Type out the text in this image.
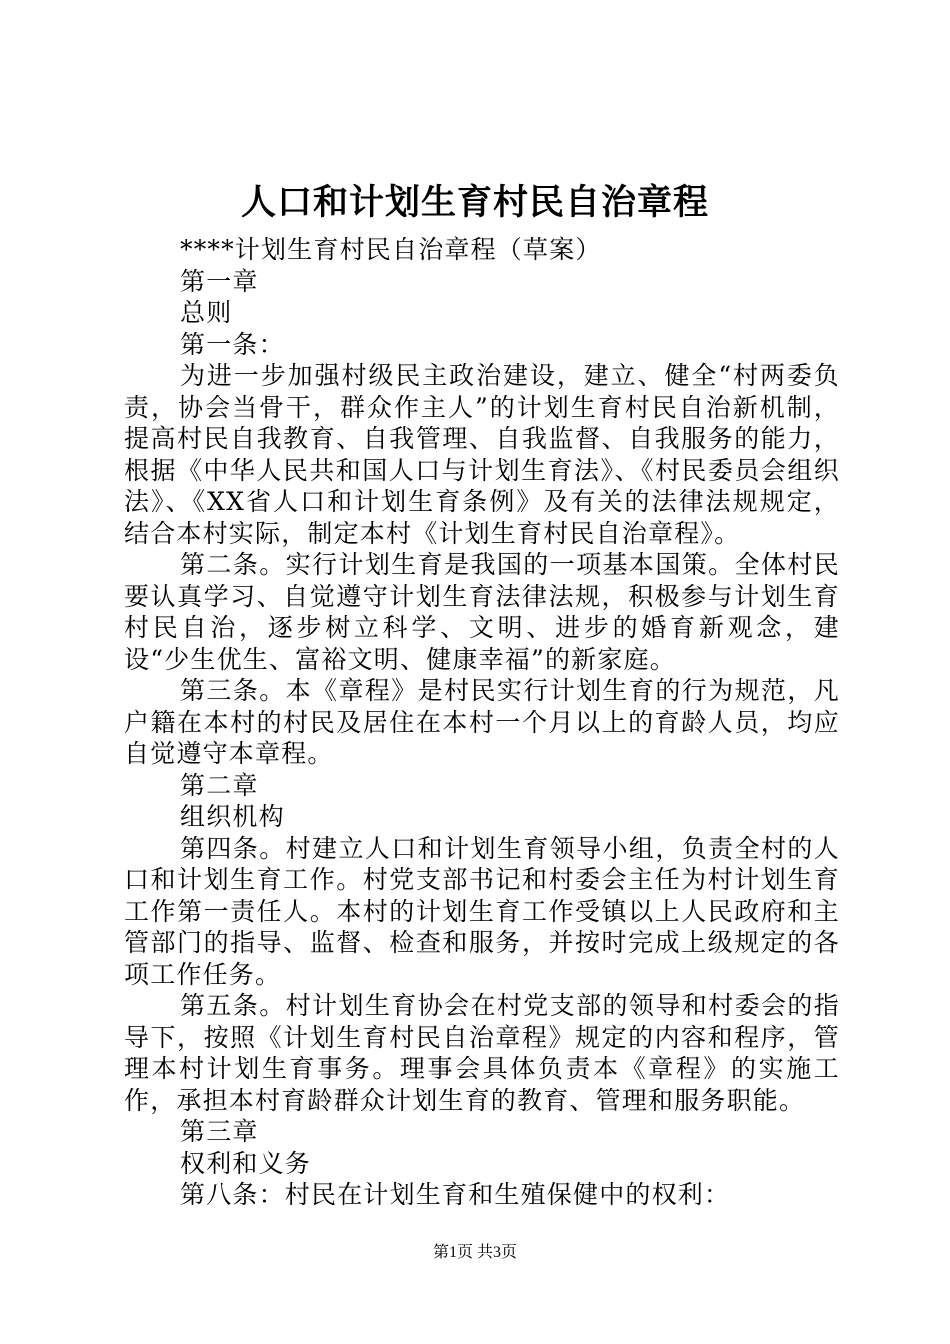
人口和计划生育村民自治章程

****计划生育村民自治章程（草案）

第一章

总则

第一条：

为进一步加强村级民主政治建设，建立、健全“村两委负责，协会当骨干，群众作主人”的计划生育村民自治新机制，提高村民自我教育、自我管理、自我监督、自我服务的能力，根据《中华人民共和国人口与计划生育法》、《村民委员会组织法》、《XX省人口和计划生育条例》及有关的法律法规规定，结合本村实际，制定本村《计划生育村民自治章程》。

第二条。实行计划生育是我国的一项基本国策。全体村民要认真学习、自觉遵守计划生育法律法规，积极参与计划生育村民自治，逐步树立科学、文明、进步的婚育新观念，建设“少生优生、富裕文明、健康幸福”的新家庭。

第三条。本《章程》是村民实行计划生育的行为规范，凡户籍在本村的村民及居住在本村一个月以上的育龄人员，均应自觉遵守本章程。

第二章

组织机构

第四条。村建立人口和计划生育领导小组，负责全村的人口和计划生育工作。村党支部书记和村委会主任为村计划生育工作第一责任人。本村的计划生育工作受镇以上人民政府和主管部门的指导、监督、检查和服务，并按时完成上级规定的各项工作任务。

第五条。村计划生育协会在村党支部的领导和村委会的指导下，按照《计划生育村民自治章程》规定的内容和程序，管理本村计划生育事务。理事会具体负责本《章程》的实施工作，承担本村育龄群众计划生育的教育、管理和服务职能。

第三章

权利和义务

第八条：村民在计划生育和生殖保健中的权利：

第1页 共3页
